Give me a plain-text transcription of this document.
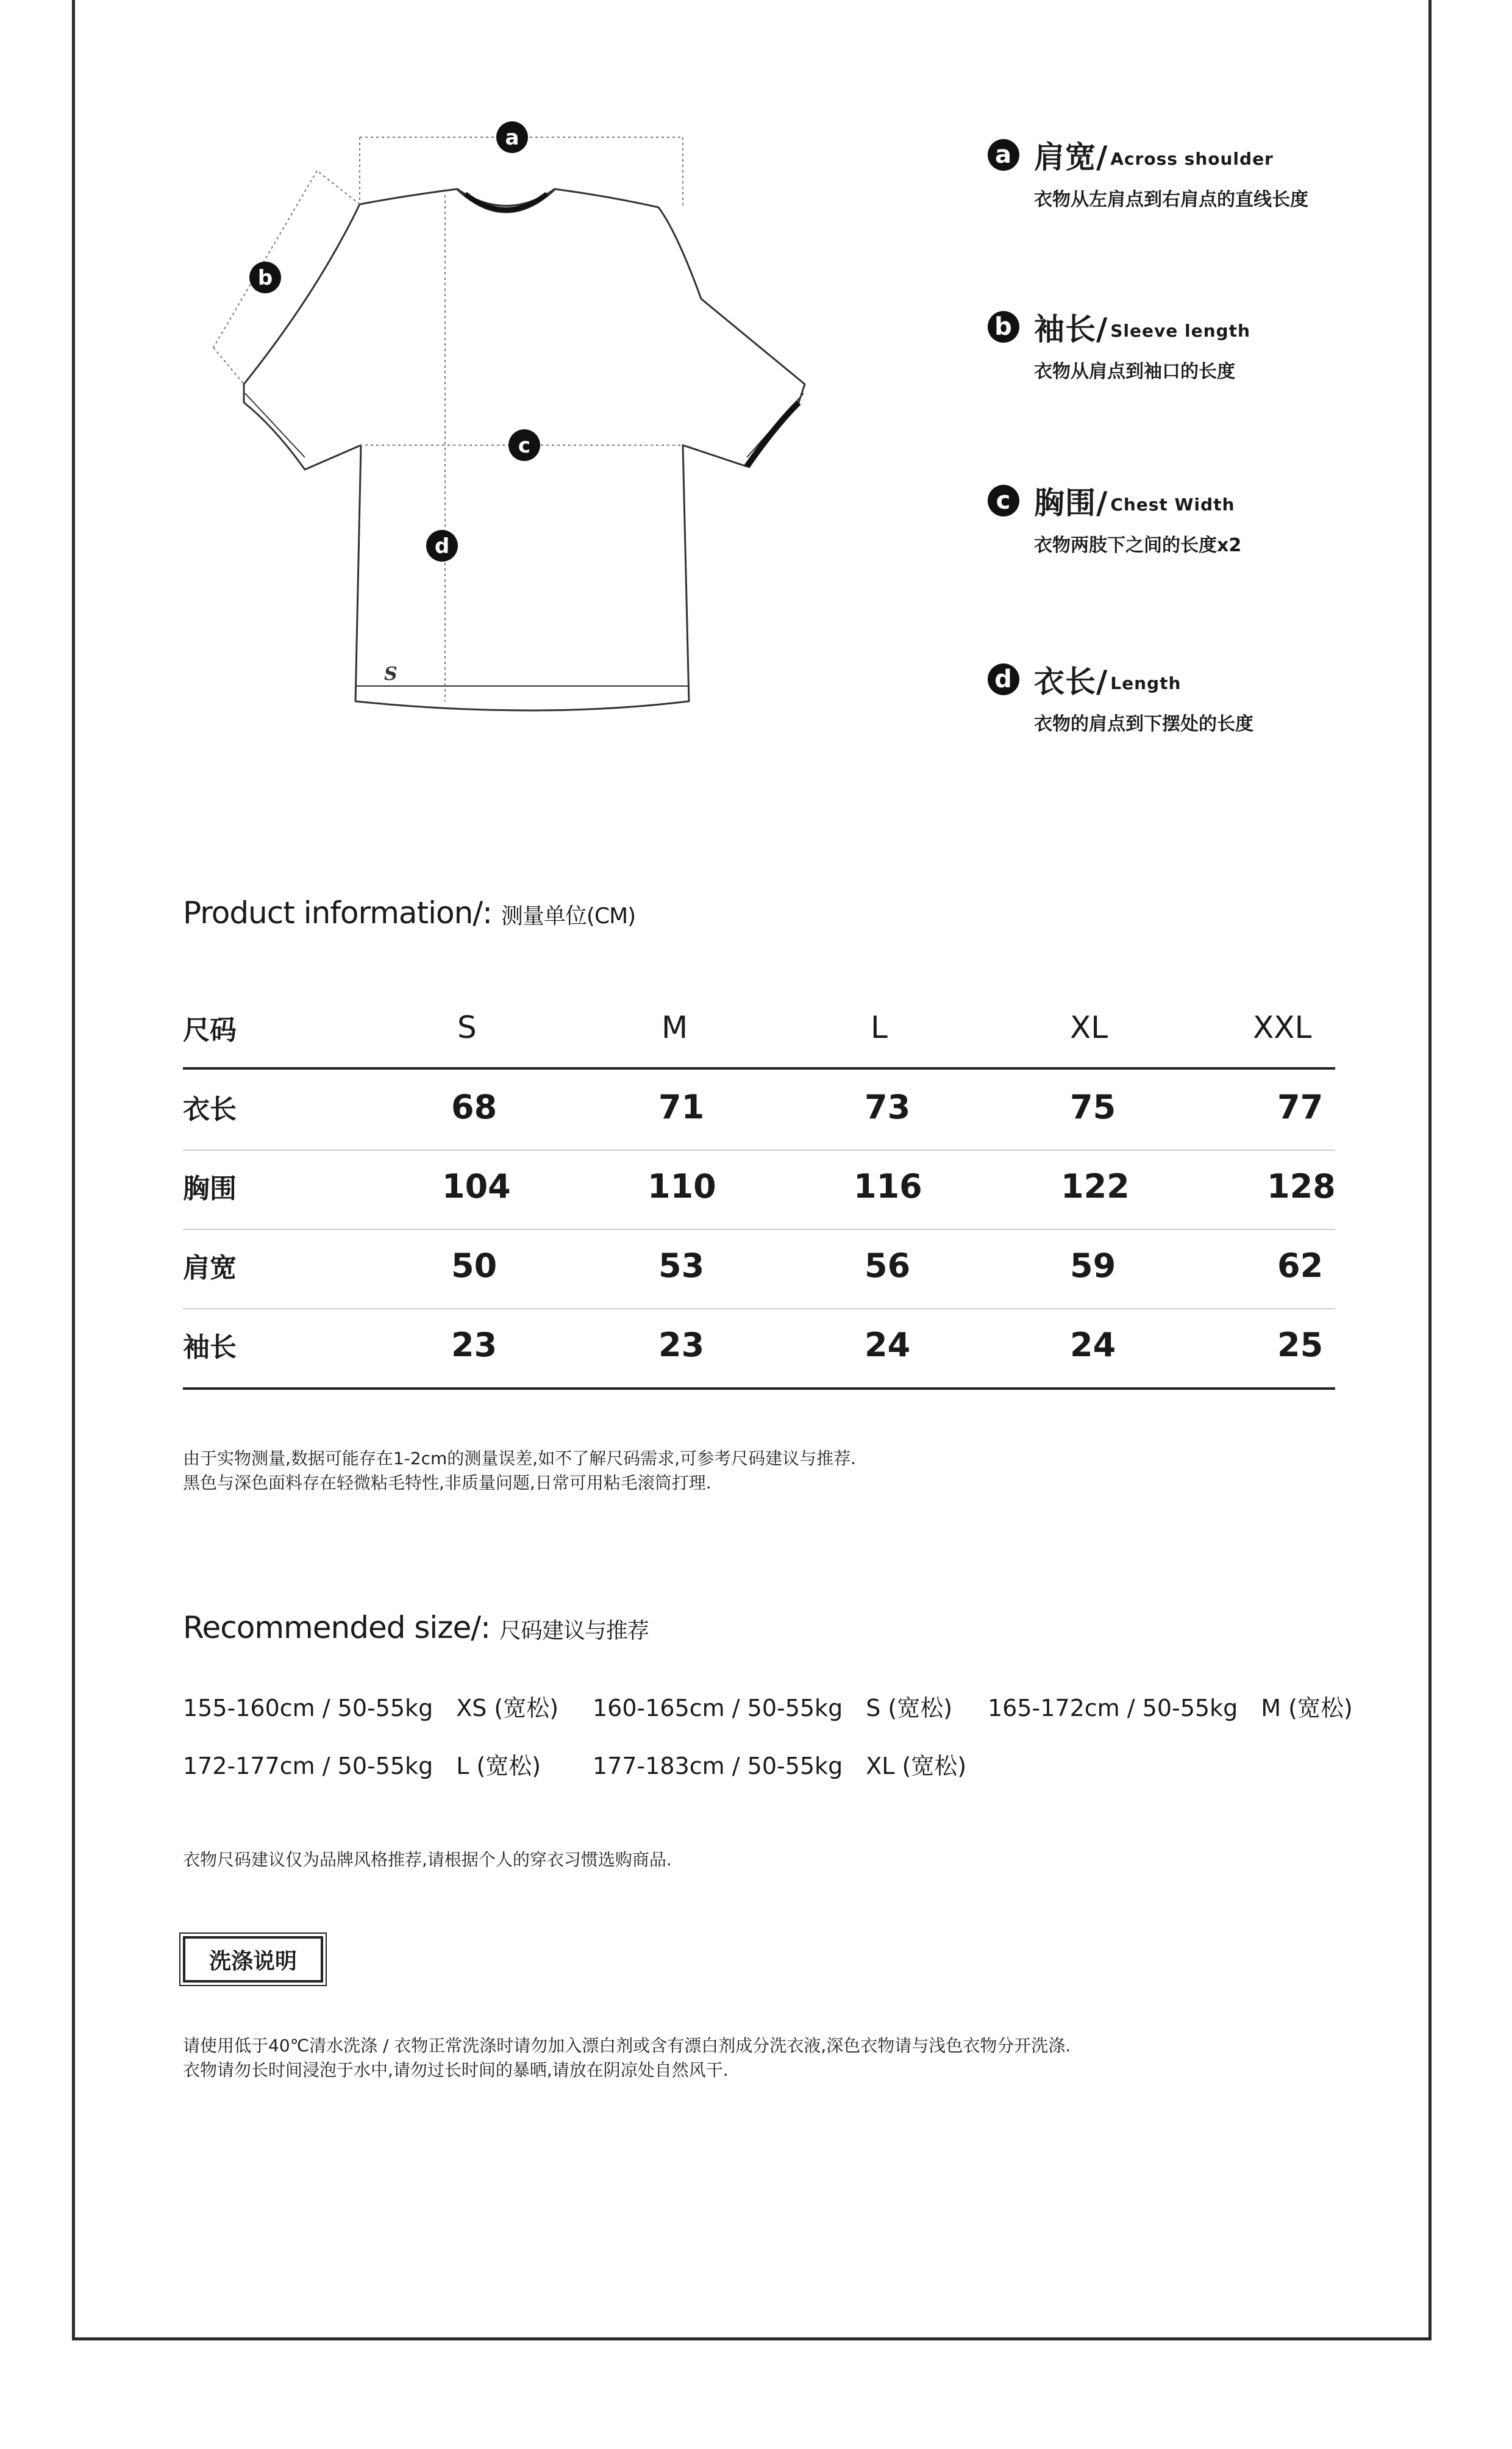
a
b
c
d
S
a 肩宽/ Across shoulder
衣物从左肩点到右肩点的直线长度
b 袖长/ Sleeve length
衣物从肩点到袖口的长度
c 胸围/ Chest Width
衣物两肢下之间的长度x2
d 衣长/ Length
衣物的肩点到下摆处的长度
Product information/: 测量单位(CM)
尺码	S	M	L	XL	XXL
衣长	68	71	73	75	77
胸围	104	110	116	122	128
肩宽	50	53	56	59	62
袖长	23	23	24	24	25
由于实物测量,数据可能存在1-2cm的测量误差,如不了解尺码需求,可参考尺码建议与推荐.
黑色与深色面料存在轻微粘毛特性,非质量问题,日常可用粘毛滚筒打理.
Recommended size/: 尺码建议与推荐
155-160cm / 50-55kg XS (宽松) 160-165cm / 50-55kg S (宽松) 165-172cm / 50-55kg M (宽松)
172-177cm / 50-55kg L (宽松) 177-183cm / 50-55kg XL (宽松)
衣物尺码建议仅为品牌风格推荐,请根据个人的穿衣习惯选购商品.
洗涤说明
请使用低于40℃清水洗涤 / 衣物正常洗涤时请勿加入漂白剂或含有漂白剂成分洗衣液,深色衣物请与浅色衣物分开洗涤.
衣物请勿长时间浸泡于水中,请勿过长时间的暴晒,请放在阴凉处自然风干.
